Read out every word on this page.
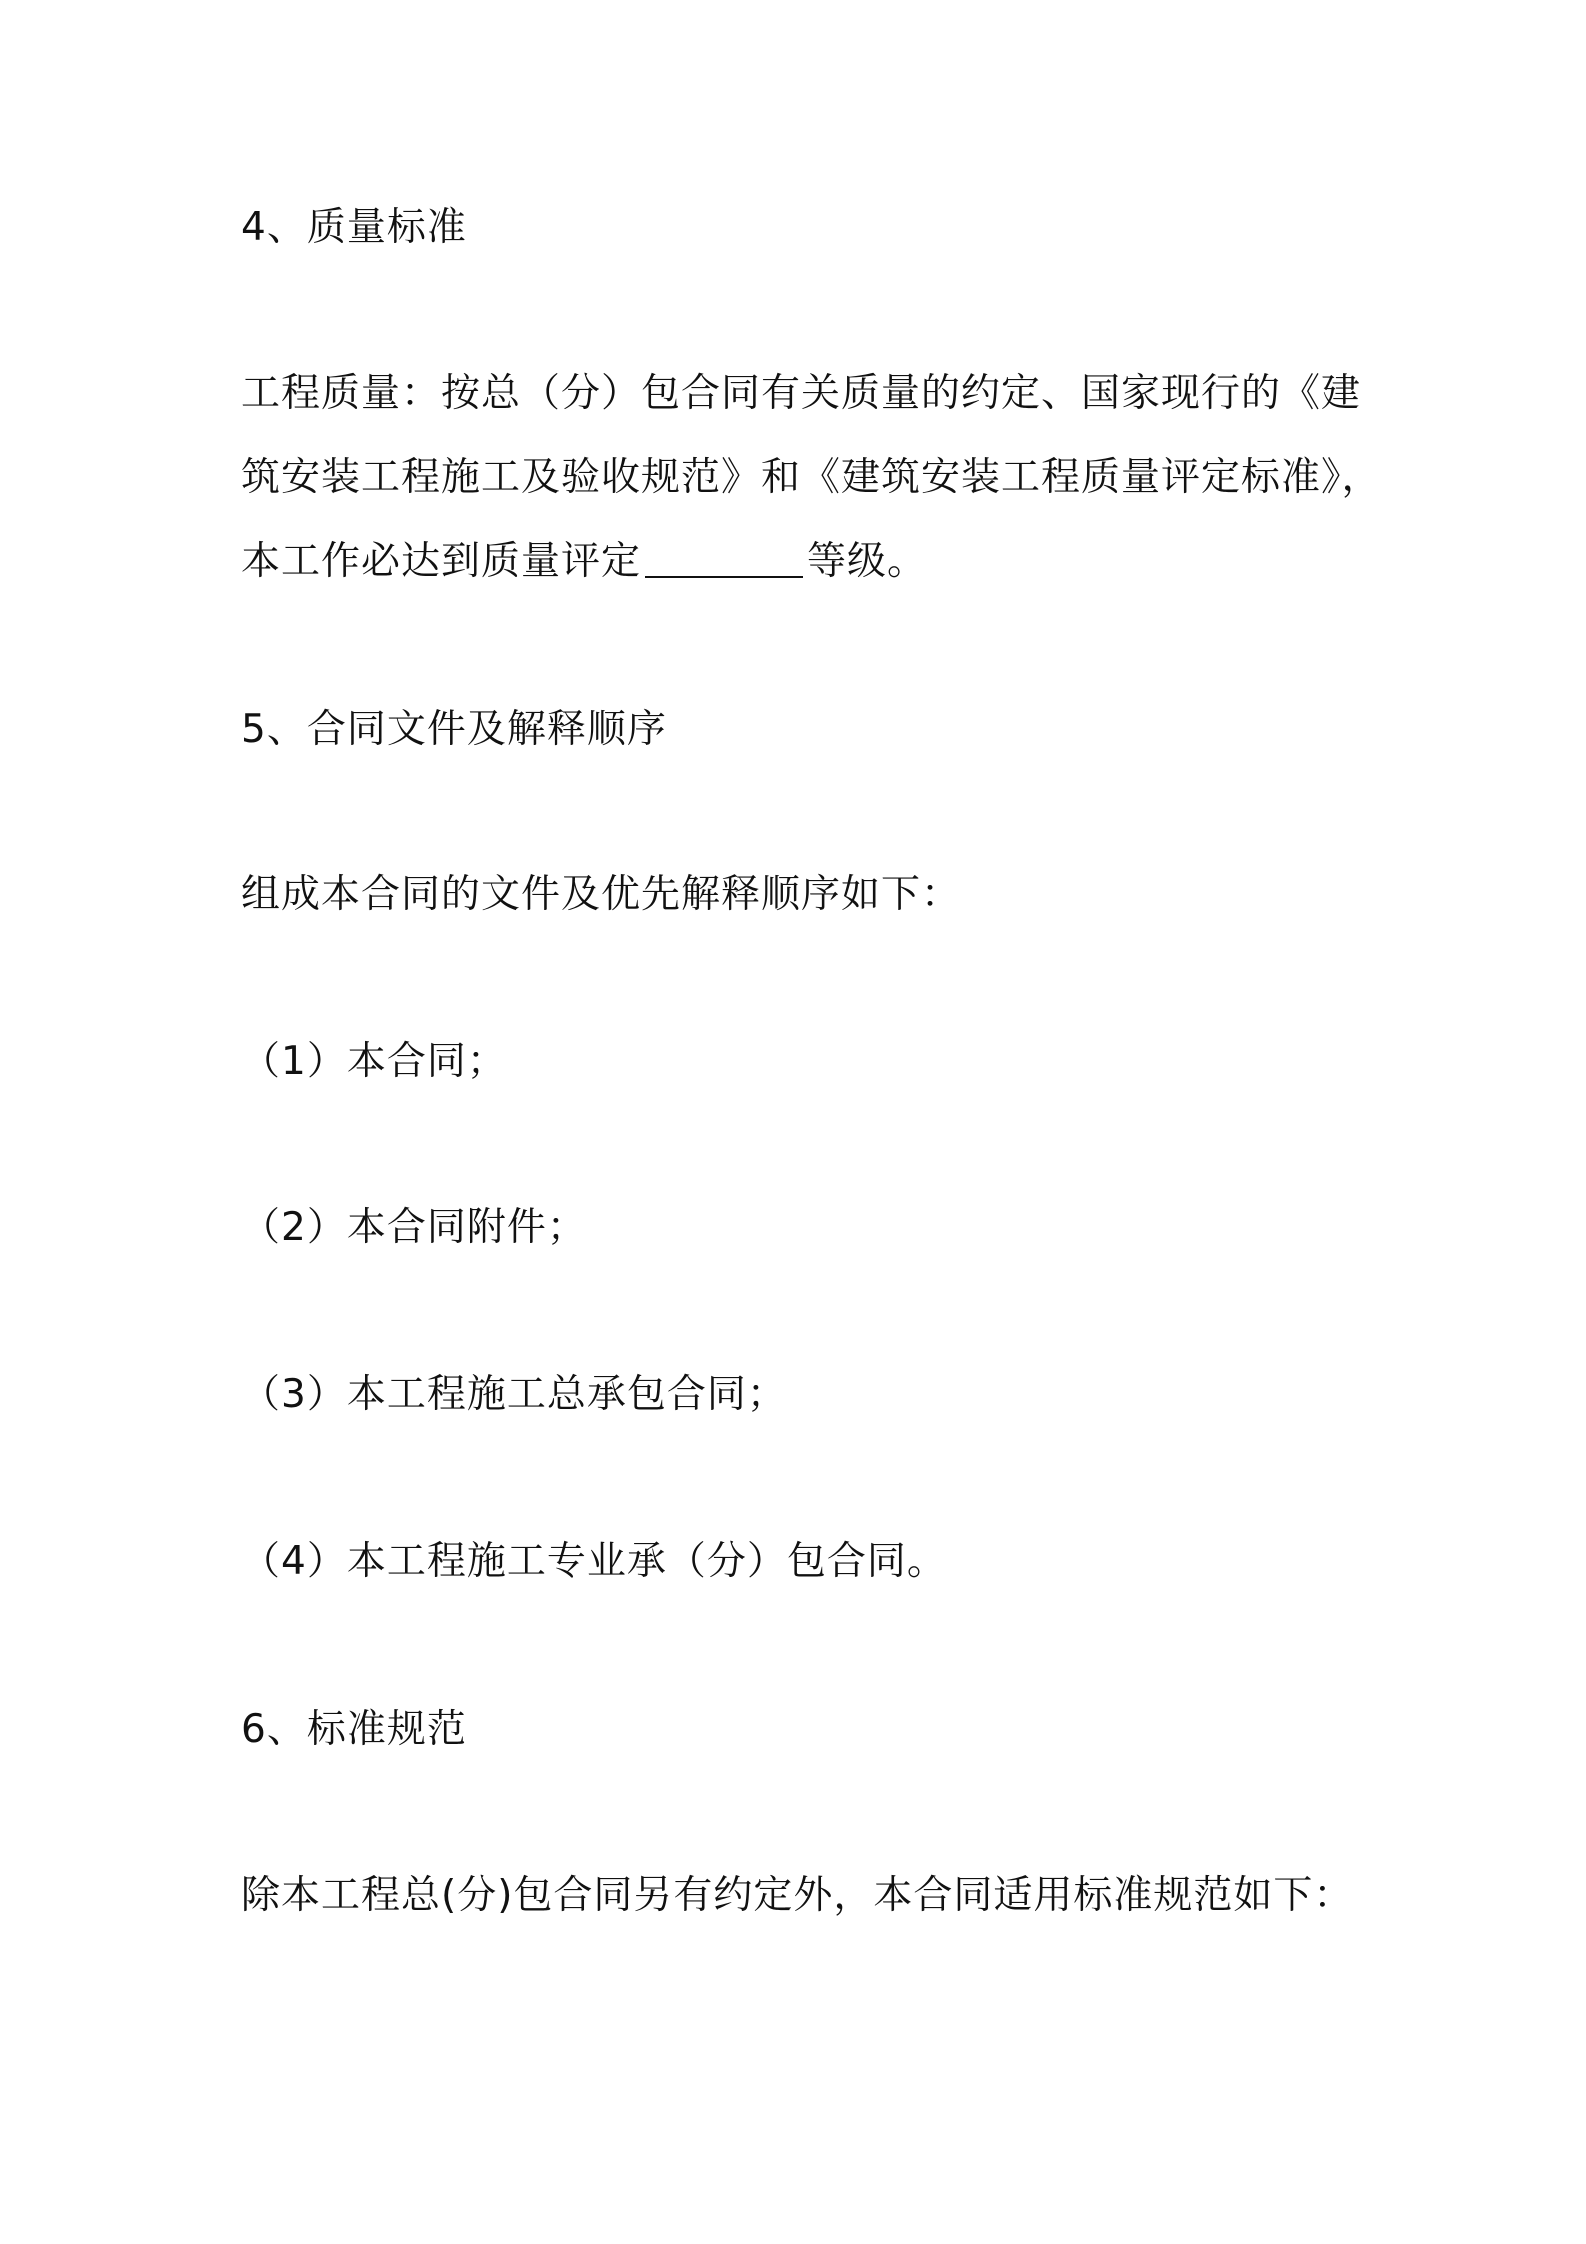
4、质量标准
工程质量：按总（分）包合同有关质量的约定、国家现行的《建
筑安装工程施工及验收规范》和《建筑安装工程质量评定标准》，
本工作必达到质量评定	等级。
5、合同文件及解释顺序
组成本合同的文件及优先解释顺序如下：
（1）本合同；
（2）本合同附件；
（3）本工程施工总承包合同；
（4）本工程施工专业承（分）包合同。
6、标准规范
除本工程总(分)包合同另有约定外，本合同适用标准规范如下：
